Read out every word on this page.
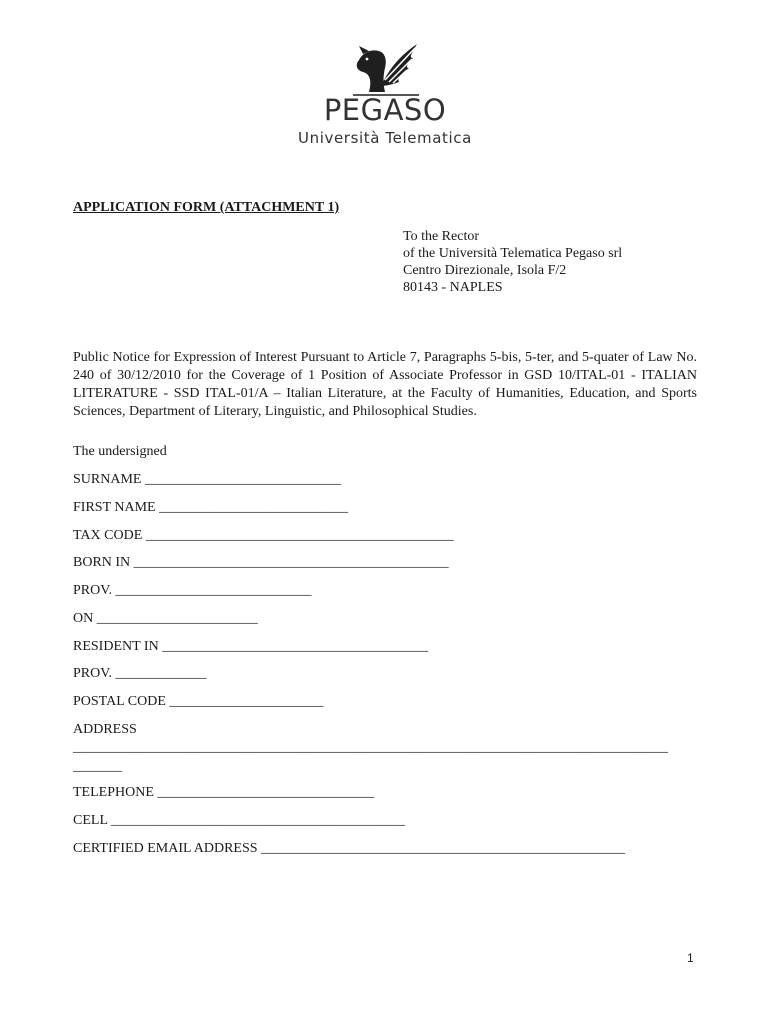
PEGASO
Università Telematica
APPLICATION FORM (ATTACHMENT 1)
To the Rector
of the Università Telematica Pegaso srl
Centro Direzionale, Isola F/2
80143 - NAPLES
Public Notice for Expression of Interest Pursuant to Article 7, Paragraphs 5-bis, 5-ter, and 5-quater of Law No. 240 of 30/12/2010 for the Coverage of 1 Position of Associate Professor in GSD 10/ITAL-01 - ITALIAN LITERATURE - SSD ITAL-01/A – Italian Literature, at the Faculty of Humanities, Education, and Sports Sciences, Department of Literary, Linguistic, and Philosophical Studies.
The undersigned
SURNAME ____________________________
FIRST NAME ___________________________
TAX CODE ____________________________________________
BORN IN _____________________________________________
PROV. ____________________________
ON _______________________
RESIDENT IN ______________________________________
PROV. _____________
POSTAL CODE ______________________
ADDRESS
_____________________________________________________________________________________
_______
TELEPHONE _______________________________
CELL __________________________________________
CERTIFIED EMAIL ADDRESS ____________________________________________________
1
